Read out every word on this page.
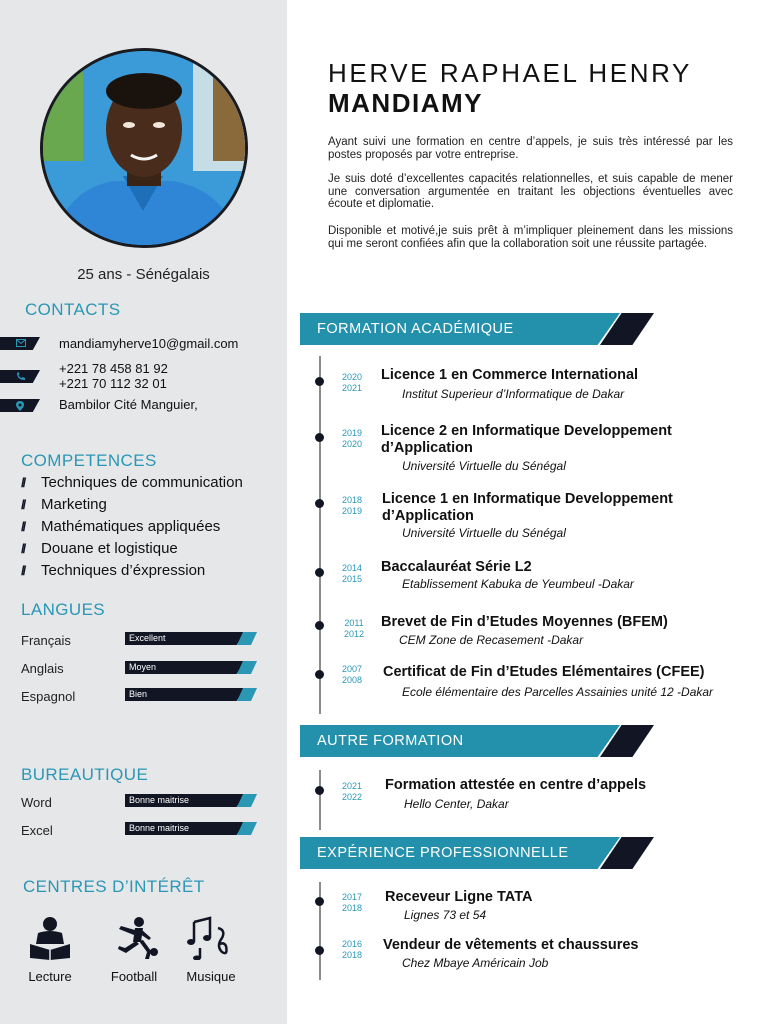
25 ans - Sénégalais
CONTACTS
mandiamyherve10@gmail.com
+221 78 458 81 92
+221 70 112 32 01
Bambilor Cité Manguier,
COMPETENCES
// Techniques de communication
// Marketing
// Mathématiques appliquées
// Douane et logistique
// Techniques d’éxpression
LANGUES
Français	Excellent
Anglais	Moyen
Espagnol	Bien
BUREAUTIQUE
Word	Bonne maitrise
Excel	Bonne maitrise
CENTRES D’INTÉRÊT
Lecture	Football	Musique
HERVE RAPHAEL HENRY
MANDIAMY
Ayant suivi une formation en centre d’appels, je suis très intéressé par les postes proposés par votre entreprise.
Je suis doté d’excellentes capacités relationnelles, et suis capable de mener une conversation argumentée en traitant les objections éventuelles avec écoute et diplomatie.
Disponible et motivé,je suis prêt à m’impliquer pleinement dans les missions qui me seront confiées afin que la collaboration soit une réussite partagée.
FORMATION ACADÉMIQUE
2020
2021
Licence 1 en Commerce International
Institut Superieur d’Informatique de Dakar
2019
2020
Licence 2 en Informatique Developpement d’Application
Université Virtuelle du Sénégal
2018
2019
Licence 1 en Informatique Developpement d’Application
Université Virtuelle du Sénégal
2014
2015
Baccalauréat Série L2
Etablissement Kabuka de Yeumbeul -Dakar
2011
2012
Brevet de Fin d’Etudes Moyennes (BFEM)
CEM Zone de Recasement -Dakar
2007
2008	Certificat de Fin d’Etudes Elémentaires (CFEE)
Ecole élémentaire des Parcelles Assainies unité 12 -Dakar
AUTRE FORMATION
2021
2022
Formation attestée en centre d’appels
Hello Center, Dakar
EXPÉRIENCE PROFESSIONNELLE
2017
2018
Receveur Ligne TATA
Lignes 73 et 54
2016
2018
Vendeur de vêtements et chaussures
Chez Mbaye Américain Job
